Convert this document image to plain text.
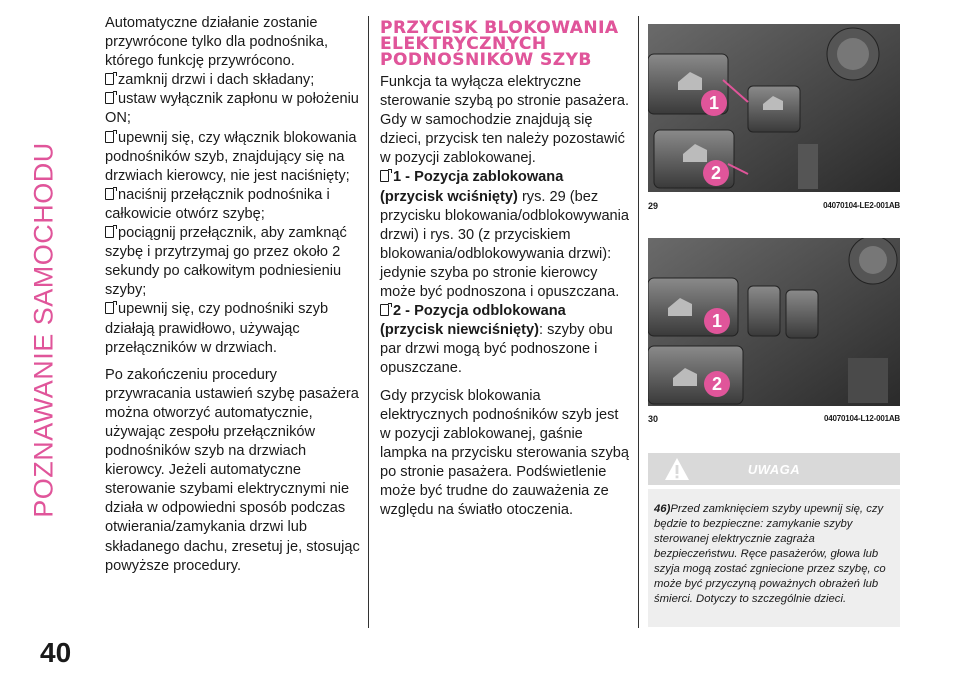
POZNAWANIE SAMOCHODU

Automatyczne działanie zostanie przywrócone tylko dla podnośnika, którego funkcję przywrócono.

zamknij drzwi i dach składany;

ustaw wyłącznik zapłonu w położeniu ON;

upewnij się, czy włącznik blokowania podnośników szyb, znajdujący się na drzwiach kierowcy, nie jest naciśnięty;

naciśnij przełącznik podnośnika i całkowicie otwórz szybę;

pociągnij przełącznik, aby zamknąć szybę i przytrzymaj go przez około 2 sekundy po całkowitym podniesieniu szyby;

upewnij się, czy podnośniki szyb działają prawidłowo, używając przełączników w drzwiach.

Po zakończeniu procedury przywracania ustawień szybę pasażera można otworzyć automatycznie, używając zespołu przełączników podnośników szyb na drzwiach kierowcy. Jeżeli automatyczne sterowanie szybami elektrycznymi nie działa w odpowiedni sposób podczas otwierania/zamykania drzwi lub składanego dachu, zresetuj je, stosując powyższe procedury.

PRZYCISK BLOKOWANIA
ELEKTRYCZNYCH
PODNOŚNIKÓW SZYB

Funkcja ta wyłącza elektryczne sterowanie szybą po stronie pasażera. Gdy w samochodzie znajdują się dzieci, przycisk ten należy pozostawić w pozycji zablokowanej.

1 - Pozycja zablokowana (przycisk wciśnięty) rys. 29 (bez przycisku blokowania/odblokowywania drzwi) i rys. 30 (z przyciskiem blokowania/odblokowywania drzwi): jedynie szyba po stronie kierowcy może być podnoszona i opuszczana.

2 - Pozycja odblokowana (przycisk niewciśnięty): szyby obu par drzwi mogą być podnoszone i opuszczane.

Gdy przycisk blokowania elektrycznych podnośników szyb jest w pozycji zablokowanej, gaśnie lampka na przycisku sterowania szybą po stronie pasażera. Podświetlenie może być trudne do zauważenia ze względu na światło otoczenia.

1
2
29	04070104-LE2-001AB
1
2
30	04070104-L12-001AB
UWAGA
46)Przed zamknięciem szyby upewnij się, czy będzie to bezpieczne: zamykanie szyby sterowanej elektrycznie zagraża bezpieczeństwu. Ręce pasażerów, głowa lub szyja mogą zostać zgniecione przez szybę, co może być przyczyną poważnych obrażeń lub śmierci. Dotyczy to szczególnie dzieci.
40
